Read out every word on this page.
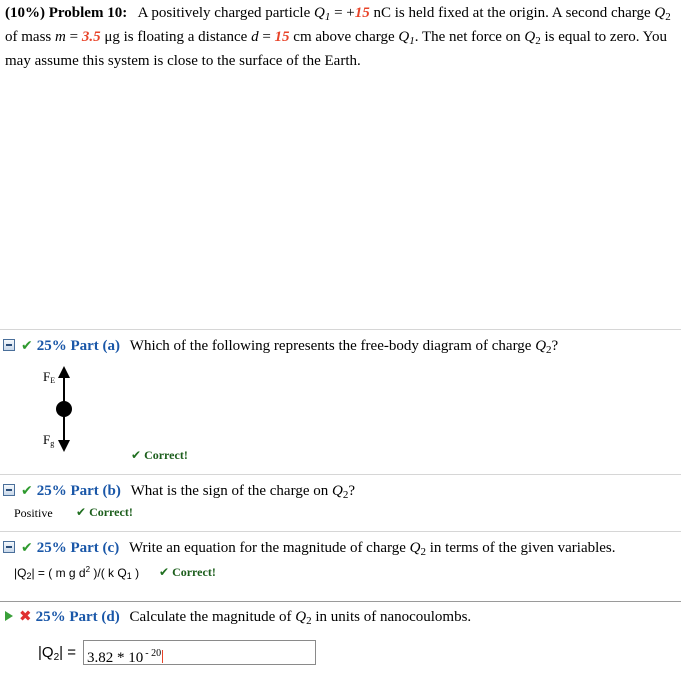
(10%) Problem 10: A positively charged particle $Q_1 = +15$ nC is held fixed at the origin. A second charge $Q_2$ of mass m = 3.5 μg is floating a distance d = 15 cm above charge $Q_1$. The net force on $Q_2$ is equal to zero. You may assume this system is close to the surface of the Earth.
✔ 25% Part (a) Which of the following represents the free-body diagram of charge $Q_2$?
FE
Fg
✔ Correct!
✔ 25% Part (b) What is the sign of the charge on $Q_2$?
Positive ✔ Correct!
✔ 25% Part (c) Write an equation for the magnitude of charge $Q_2$ in terms of the given variables.
|Q2| = ( m g $d^2$ )/( k Q1 ) ✔ Correct!
✖ 25% Part (d) Calculate the magnitude of $Q_2$ in units of nanocoulombs.
$|Q_2| = 3.82 * 10$ $^{- 20}$
